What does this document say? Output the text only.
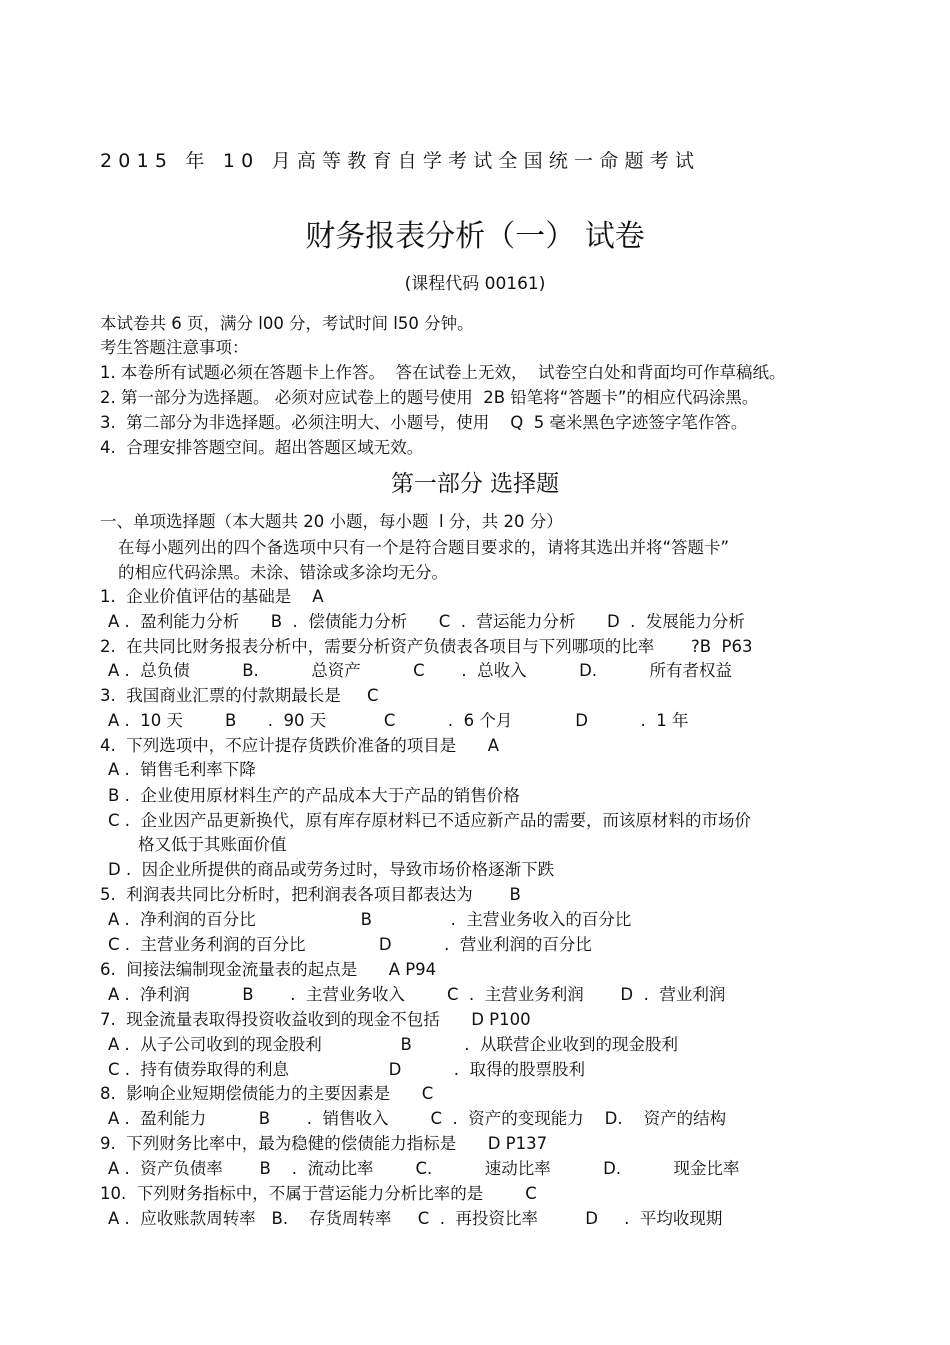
2015 年 10 月高等教育自学考试全国统一命题考试
财务报表分析（一） 试卷
(课程代码 00161)
本试卷共 6 页，满分 l00 分，考试时间 l50 分钟。
考生答题注意事项：
1. 本卷所有试题必须在答题卡上作答。  答在试卷上无效，  试卷空白处和背面均可作草稿纸。
2. 第一部分为选择题。 必须对应试卷上的题号使用  2B 铅笔将“答题卡”的相应代码涂黑。
3.  第二部分为非选择题。必须注明大、小题号，使用    Q  5 毫米黑色字迹签字笔作答。
4.  合理安排答题空间。超出答题区域无效。
第一部分 选择题
一、单项选择题（本大题共 20 小题，每小题  l 分，共 20 分）
在每小题列出的四个备选项中只有一个是符合题目要求的，请将其选出并将“答题卡”
的相应代码涂黑。未涂、错涂或多涂均无分。
1.  企业价值评估的基础是    A
A .  盈利能力分析      B  .  偿债能力分析      C  .  营运能力分析      D  .  发展能力分析
2.  在共同比财务报表分析中，需要分析资产负债表各项目与下列哪项的比率       ?B  P63
A .  总负债          B.          总资产          C       .  总收入          D.          所有者权益
3.  我国商业汇票的付款期最长是     C
A .  10 天        B      .  90 天           C          .  6 个月            D          .  1 年
4.  下列选项中，不应计提存货跌价准备的项目是      A
A .  销售毛利率下降
B .  企业使用原材料生产的产品成本大于产品的销售价格
C .  企业因产品更新换代，原有库存原材料已不适应新产品的需要，而该原材料的市场价
格又低于其账面价值
D .  因企业所提供的商品或劳务过时，导致市场价格逐渐下跌
5.  利润表共同比分析时，把利润表各项目都表达为       B
A .  净利润的百分比                    B               .  主营业务收入的百分比
C .  主营业务利润的百分比              D          .  营业利润的百分比
6.  间接法编制现金流量表的起点是      A P94
A .  净利润          B       .  主营业务收入        C  .  主营业务利润       D  .  营业利润
7.  现金流量表取得投资收益收到的现金不包括      D P100
A .  从子公司收到的现金股利               B          .  从联营企业收到的现金股利
C .  持有债券取得的利息                   D          .  取得的股票股利
8.  影响企业短期偿债能力的主要因素是      C
A .  盈利能力          B       .  销售收入        C  .  资产的变现能力    D.    资产的结构
9.  下列财务比率中，最为稳健的偿债能力指标是      D P137
A .  资产负债率       B    .  流动比率        C.          速动比率          D.          现金比率
10.  下列财务指标中，不属于营运能力分析比率的是        C
A .  应收账款周转率   B.    存货周转率     C  .  再投资比率         D     .  平均收现期
